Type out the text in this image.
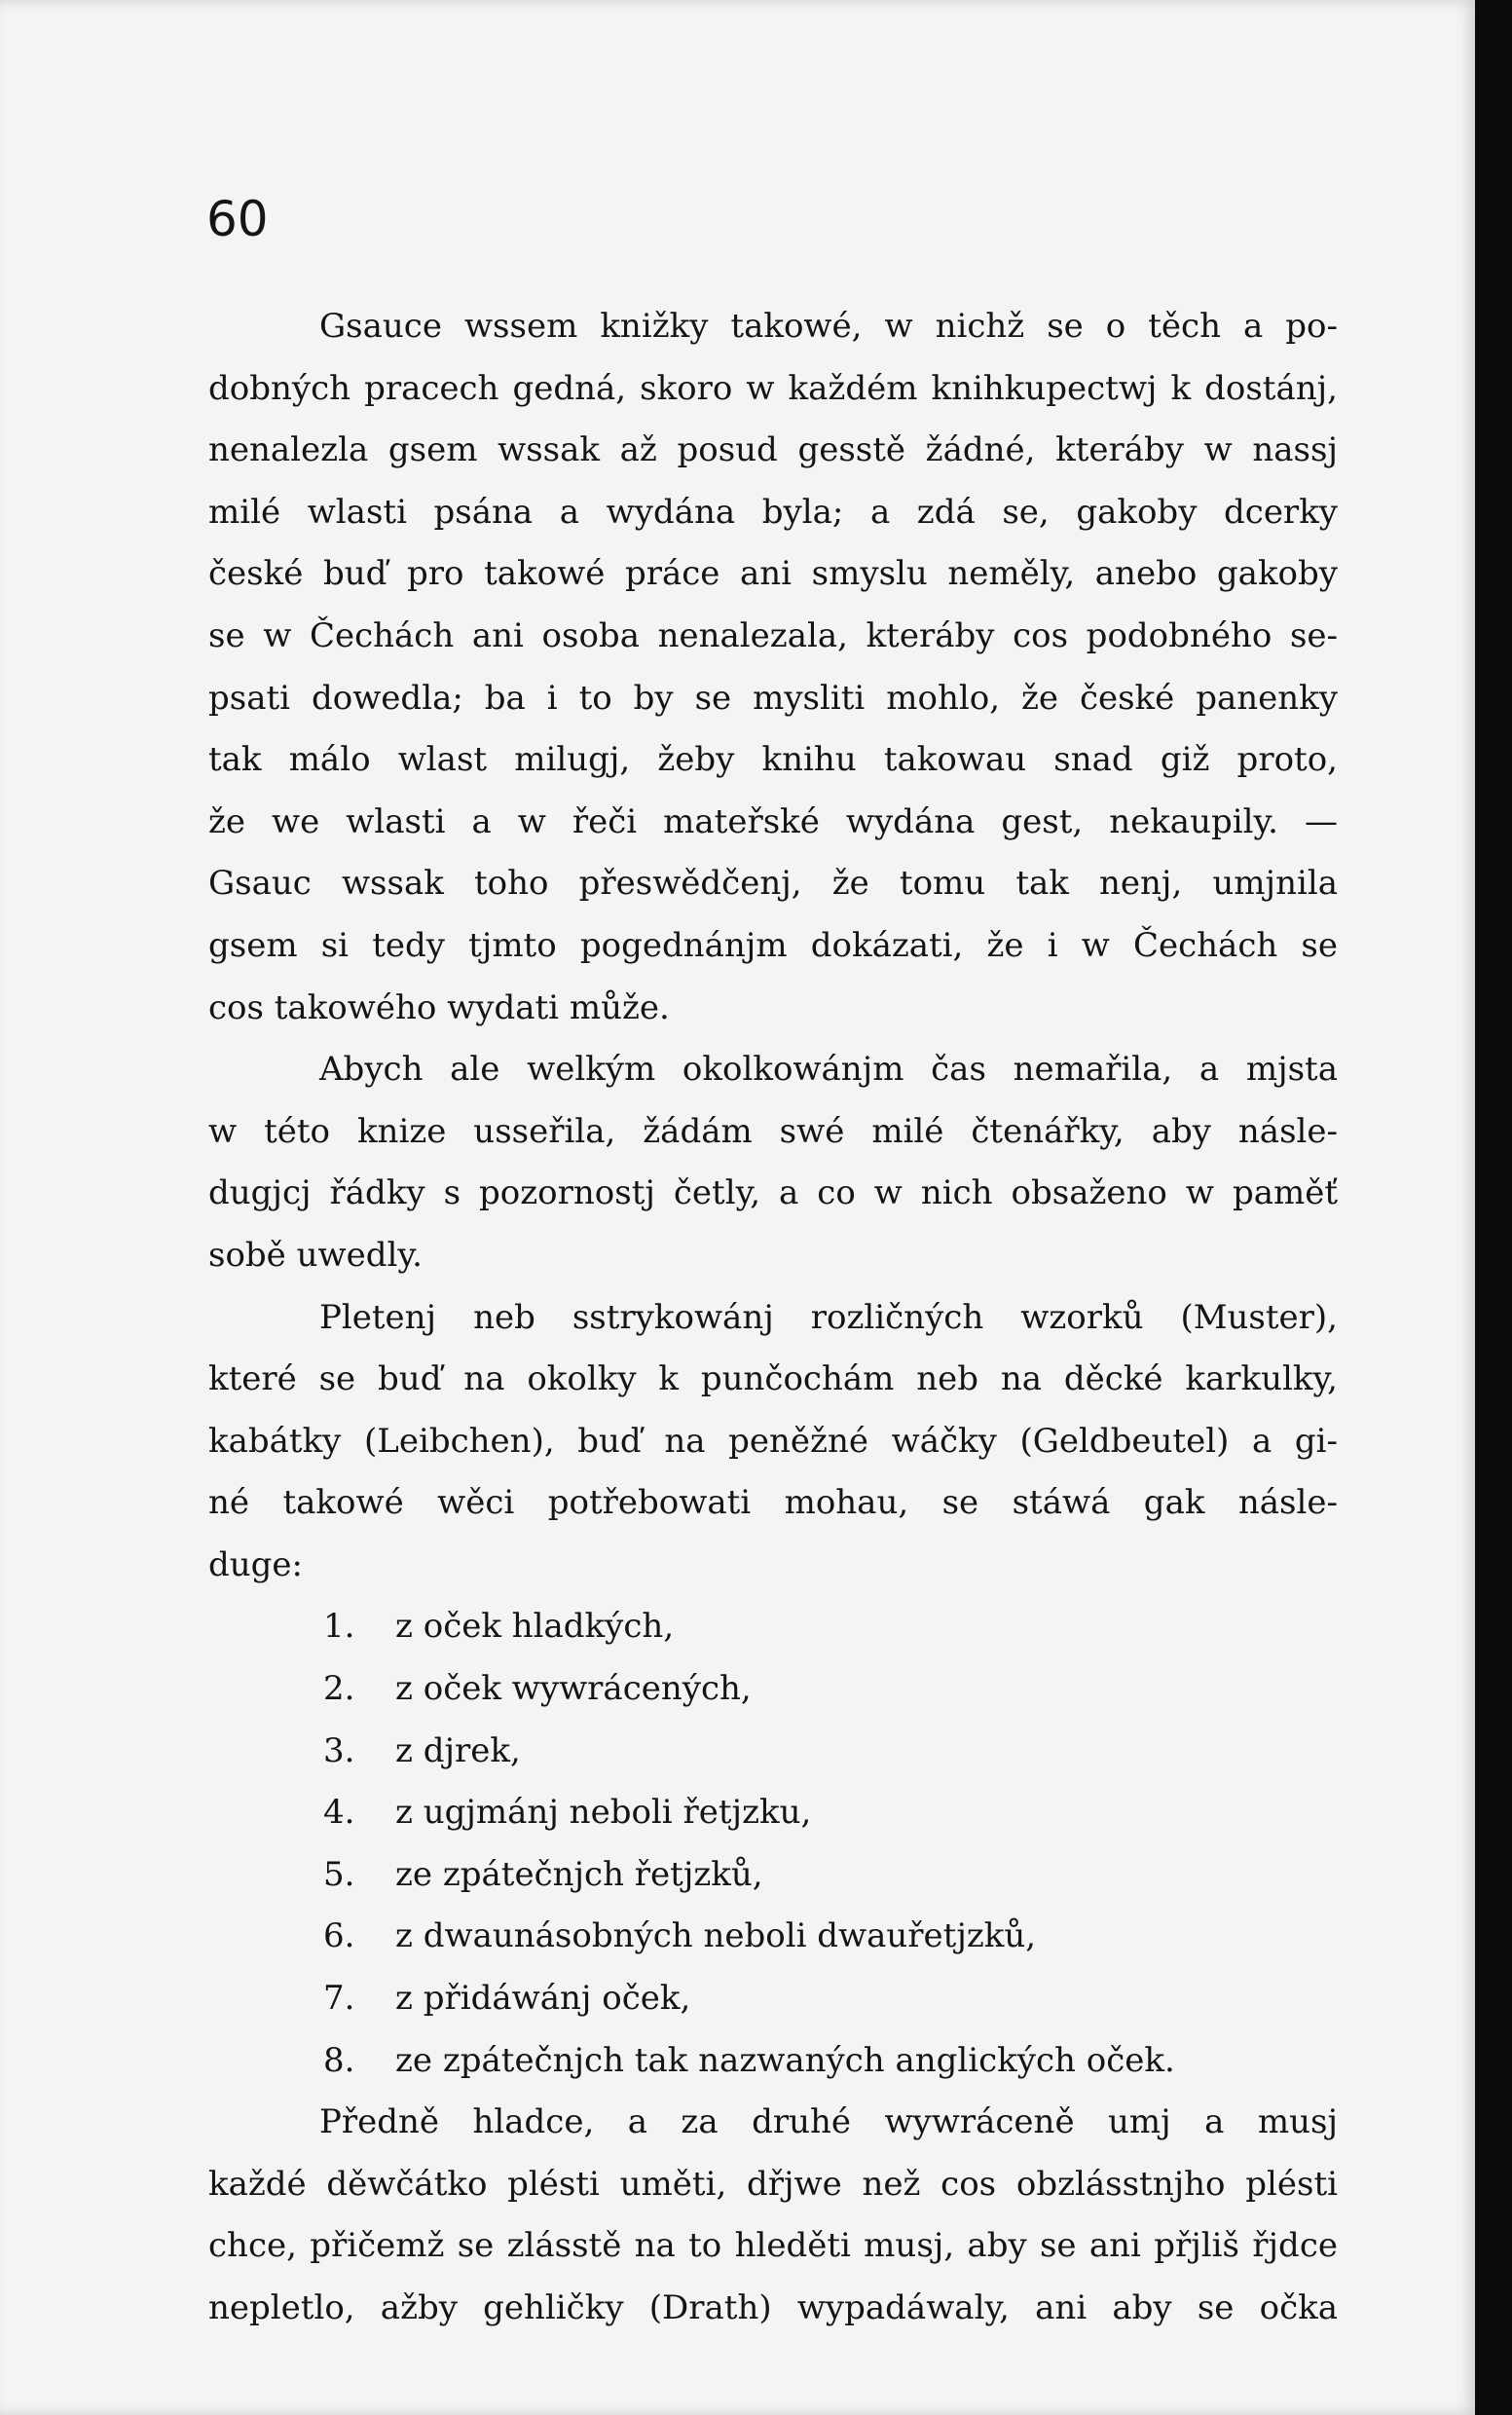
60
Gsauce wssem knižky takowé, w nichž se o těch a po-
dobných pracech gedná, skoro w každém knihkupectwj k dostánj,
nenalezla gsem wssak až posud gesstě žádné, kteráby w nassj
milé wlasti psána a wydána byla; a zdá se, gakoby dcerky
české buď pro takowé práce ani smyslu neměly, anebo gakoby
se w Čechách ani osoba nenalezala, kteráby cos podobného se-
psati dowedla; ba i to by se mysliti mohlo, že české panenky
tak málo wlast milugj, žeby knihu takowau snad giž proto,
že we wlasti a w řeči mateřské wydána gest, nekaupily. —
Gsauc wssak toho přeswědčenj, že tomu tak nenj, umjnila
gsem si tedy tjmto pogednánjm dokázati, že i w Čechách se
cos takowého wydati může.
Abych ale welkým okolkowánjm čas nemařila, a mjsta
w této knize usseřila, žádám swé milé čtenářky, aby násle-
dugjcj řádky s pozornostj četly, a co w nich obsaženo w paměť
sobě uwedly.
Pletenj neb sstrykowánj rozličných wzorků (Muster),
které se buď na okolky k punčochám neb na děcké karkulky,
kabátky (Leibchen), buď na peněžné wáčky (Geldbeutel) a gi-
né takowé wěci potřebowati mohau, se stáwá gak násle-
duge:
1. z oček hladkých,
2. z oček wywrácených,
3. z djrek,
4. z ugjmánj neboli řetjzku,
5. ze zpátečnjch řetjzků,
6. z dwaunásobných neboli dwauřetjzků,
7. z přidáwánj oček,
8. ze zpátečnjch tak nazwaných anglických oček.
Předně hladce, a za druhé wywráceně umj a musj
každé děwčátko plésti uměti, dřjwe než cos obzlásstnjho plésti
chce, přičemž se zlásstě na to hleděti musj, aby se ani přjliš řjdce
nepletlo, ažby gehličky (Drath) wypadáwaly, ani aby se očka
